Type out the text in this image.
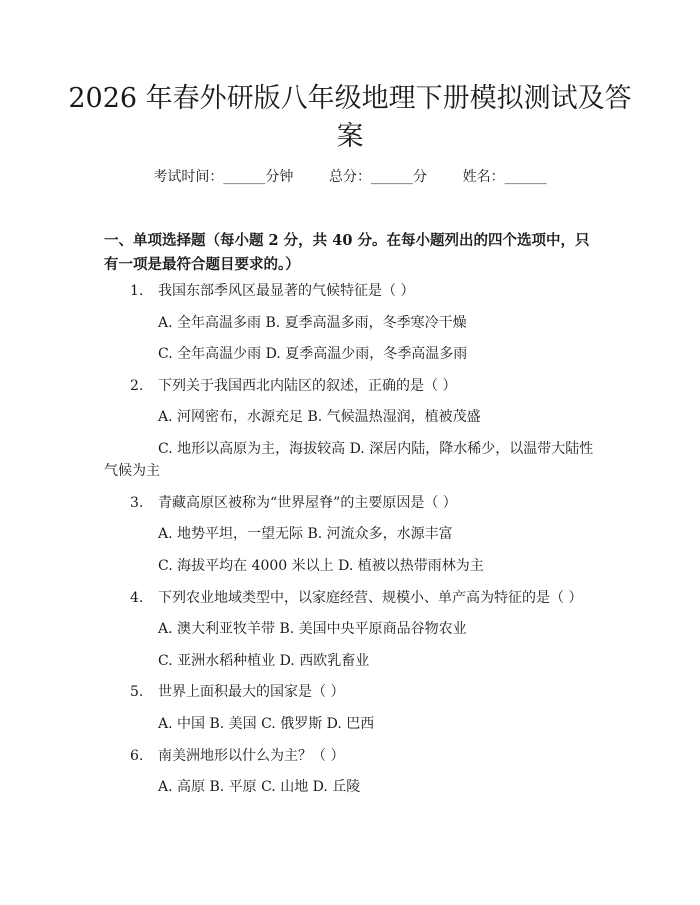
2026 年春外研版八年级地理下册模拟测试及答案
考试时间：______分钟	总分：______分	姓名：______
一、单项选择题（每小题 2 分，共 40 分。在每小题列出的四个选项中，只有一项是最符合题目要求的。）
1.	我国东部季风区最显著的气候特征是（ ）
A. 全年高温多雨 B. 夏季高温多雨，冬季寒冷干燥
C. 全年高温少雨 D. 夏季高温少雨，冬季高温多雨
2.	下列关于我国西北内陆区的叙述，正确的是（ ）
A. 河网密布，水源充足 B. 气候温热湿润，植被茂盛
C. 地形以高原为主，海拔较高 D. 深居内陆，降水稀少，以温带大陆性气候为主
3.	青藏高原区被称为“世界屋脊”的主要原因是（ ）
A. 地势平坦，一望无际 B. 河流众多，水源丰富
C. 海拔平均在 4000 米以上 D. 植被以热带雨林为主
4.	下列农业地域类型中，以家庭经营、规模小、单产高为特征的是（ ）
A. 澳大利亚牧羊带 B. 美国中央平原商品谷物农业
C. 亚洲水稻种植业 D. 西欧乳畜业
5.	世界上面积最大的国家是（ ）
A. 中国 B. 美国 C. 俄罗斯 D. 巴西
6.	南美洲地形以什么为主？（ ）
A. 高原 B. 平原 C. 山地 D. 丘陵
